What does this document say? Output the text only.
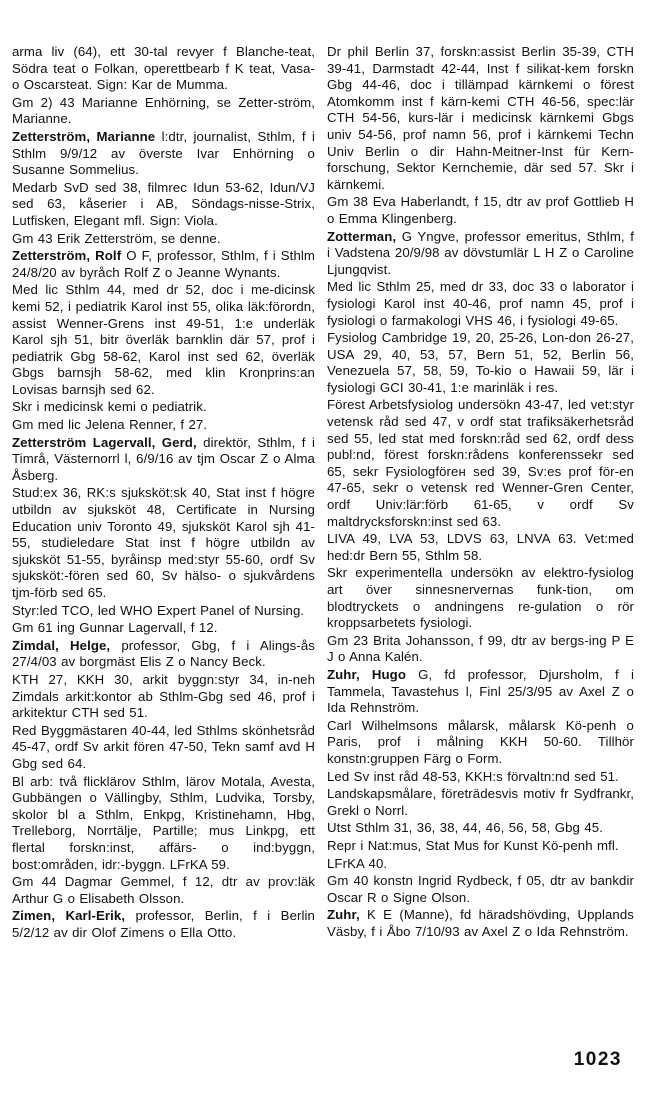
arma liv (64), ett 30-tal revyer f Blanche-teat, Södra teat o Folkan, operettbearb f K teat, Vasa- o Oscarsteat. Sign: Kar de Mumma.

Gm 2) 43 Marianne Enhörning, se Zetter-ström, Marianne.

Zetterström, Marianne l:dtr, journalist, Sthlm, f i Sthlm 9/9/12 av överste Ivar Enhörning o Susanne Sommelius.

Medarb SvD sed 38, filmrec Idun 53-62, Idun/VJ sed 63, kåserier i AB, Söndags-nisse-Strix, Lutfisken, Elegant mfl. Sign: Viola.

Gm 43 Erik Zetterström, se denne.

Zetterström, Rolf O F, professor, Sthlm, f i Sthlm 24/8/20 av byråch Rolf Z o Jeanne Wynants.

Med lic Sthlm 44, med dr 52, doc i me-dicinsk kemi 52, i pediatrik Karol inst 55, olika läk:förordn, assist Wenner-Grens inst 49-51, 1:e underläk Karol sjh 51, bitr överläk barnklin där 57, prof i pediatrik Gbg 58-62, Karol inst sed 62, överläk Gbgs barnsjh 58-62, med klin Kronprins:an Lovisas barnsjh sed 62.

Skr i medicinsk kemi o pediatrik.

Gm med lic Jelena Renner, f 27.

Zetterström Lagervall, Gerd, direktör, Sthlm, f i Timrå, Västernorrl l, 6/9/16 av tjm Oscar Z o Alma Åsberg.

Stud:ex 36, RK:s sjuksköt:sk 40, Stat inst f högre utbildn av sjuksköt 48, Certificate in Nursing Education univ Toronto 49, sjuksköt Karol sjh 41-55, studieledare Stat inst f högre utbildn av sjuksköt 51-55, byråinsp med:styr 55-60, ordf Sv sjuksköt:-fören sed 60, Sv hälso- o sjukvårdens tjm-förb sed 65.

Styr:led TCO, led WHO Expert Panel of Nursing.

Gm 61 ing Gunnar Lagervall, f 12.

Zimdal, Helge, professor, Gbg, f i Alings-ås 27/4/03 av borgmäst Elis Z o Nancy Beck.

KTH 27, KKH 30, arkit byggn:styr 34, in-neh Zimdals arkit:kontor ab Sthlm-Gbg sed 46, prof i arkitektur CTH sed 51.

Red Byggmästaren 40-44, led Sthlms skönhetsråd 45-47, ordf Sv arkit fören 47-50, Tekn samf avd H Gbg sed 64.

Bl arb: två flicklärov Sthlm, lärov Motala, Avesta, Gubbängen o Vällingby, Sthlm, Ludvika, Torsby, skolor bl a Sthlm, Enkpg, Kristinehamn, Hbg, Trelleborg, Norrtälje, Partille; mus Linkpg, ett flertal forskn:inst, affärs- o ind:byggn, bost:områden, idr:-byggn. LFrKA 59.

Gm 44 Dagmar Gemmel, f 12, dtr av prov:läk Arthur G o Elisabeth Olsson.

Zimen, Karl-Erik, professor, Berlin, f i Berlin 5/2/12 av dir Olof Zimens o Ella Otto.

Dr phil Berlin 37, forskn:assist Berlin 35-39, CTH 39-41, Darmstadt 42-44, Inst f silikat-kem forskn Gbg 44-46, doc i tillämpad kärnkemi o förest Atomkomm inst f kärn-kemi CTH 46-56, spec:lär CTH 54-56, kurs-lär i medicinsk kärnkemi Gbgs univ 54-56, prof namn 56, prof i kärnkemi Techn Univ Berlin o dir Hahn-Meitner-Inst für Kern-forschung, Sektor Kernchemie, där sed 57. Skr i kärnkemi.

Gm 38 Eva Haberlandt, f 15, dtr av prof Gottlieb H o Emma Klingenberg.

Zotterman, G Yngve, professor emeritus, Sthlm, f i Vadstena 20/9/98 av dövstumlär L H Z o Caroline Ljungqvist.

Med lic Sthlm 25, med dr 33, doc 33 o laborator i fysiologi Karol inst 40-46, prof namn 45, prof i fysiologi o farmakologi VHS 46, i fysiologi 49-65.

Fysiolog Cambridge 19, 20, 25-26, Lon-don 26-27, USA 29, 40, 53, 57, Bern 51, 52, Berlin 56, Venezuela 57, 58, 59, To-kio o Hawaii 59, lär i fysiologi GCI 30-41, 1:e marinläk i res.

Förest Arbetsfysiolog undersökn 43-47, led vet:styr vetensk råd sed 47, v ordf stat trafiksäkerhetsråd sed 55, led stat med forskn:råd sed 62, ordf dess publ:nd, förest forskn:rådens konferenssekr sed 65, sekr Fysiologföreн sed 39, Sv:es prof för-en 47-65, sekr o vetensk red Wenner-Gren Center, ordf Univ:lär:förb 61-65, v ordf Sv maltdrycksforskn:inst sed 63.

LIVA 49, LVA 53, LDVS 63, LNVA 63. Vet:med hed:dr Bern 55, Sthlm 58.

Skr experimentella undersökn av elektro-fysiolog art över sinnesnervernas funk-tion, om blodtryckets o andningens re-gulation o rör kroppsarbetets fysiologi.

Gm 23 Brita Johansson, f 99, dtr av bergs-ing P E J o Anna Kalén.

Zuhr, Hugo G, fd professor, Djursholm, f i Tammela, Tavastehus l, Finl 25/3/95 av Axel Z o Ida Rehnström.

Carl Wilhelmsons målarsk, målarsk Kö-penh o Paris, prof i målning KKH 50-60. Tillhör konstn:gruppen Färg o Form.

Led Sv inst råd 48-53, KKH:s förvaltn:nd sed 51.

Landskapsmålare, företrädesvis motiv fr Sydfrankr, Grekl o Norrl.

Utst Sthlm 31, 36, 38, 44, 46, 56, 58, Gbg 45.

Repr i Nat:mus, Stat Mus for Kunst Kö-penh mfl.

LFrKA 40.

Gm 40 konstn Ingrid Rydbeck, f 05, dtr av bankdir Oscar R o Signe Olson.

Zuhr, K E (Manne), fd häradshövding, Upplands Väsby, f i Åbo 7/10/93 av Axel Z o Ida Rehnström.

1023
